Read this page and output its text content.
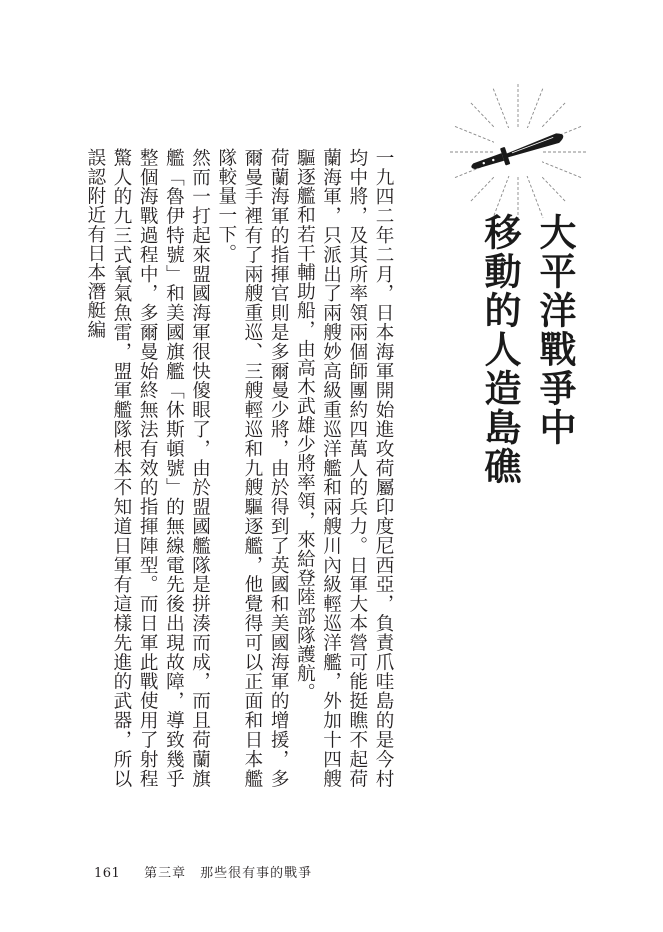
大平洋戰爭中
移動的人造島礁

一九四二年二月，日本海軍開始進攻荷屬印度尼西亞，負責爪哇島的是今村均中將，及其所率領兩個師團約四萬人的兵力。日軍大本營可能挺瞧不起荷蘭海軍，只派出了兩艘妙高級重巡洋艦和兩艘川內級輕巡洋艦，外加十四艘驅逐艦和若干輔助船，由高木武雄少將率領，來給登陸部隊護航。

荷蘭海軍的指揮官則是多爾曼少將，由於得到了英國和美國海軍的增援，多爾曼手裡有了兩艘重巡、三艘輕巡和九艘驅逐艦，他覺得可以正面和日本艦隊較量一下。

然而一打起來盟國海軍很快傻眼了，由於盟國艦隊是拼湊而成，而且荷蘭旗艦「魯伊特號」和美國旗艦「休斯頓號」的無線電先後出現故障，導致幾乎整個海戰過程中，多爾曼始終無法有效的指揮陣型。而日軍此戰使用了射程驚人的九三式氧氣魚雷，盟軍艦隊根本不知道日軍有這樣先進的武器，所以誤認附近有日本潛艇編

161 第三章　那些很有事的戰爭
